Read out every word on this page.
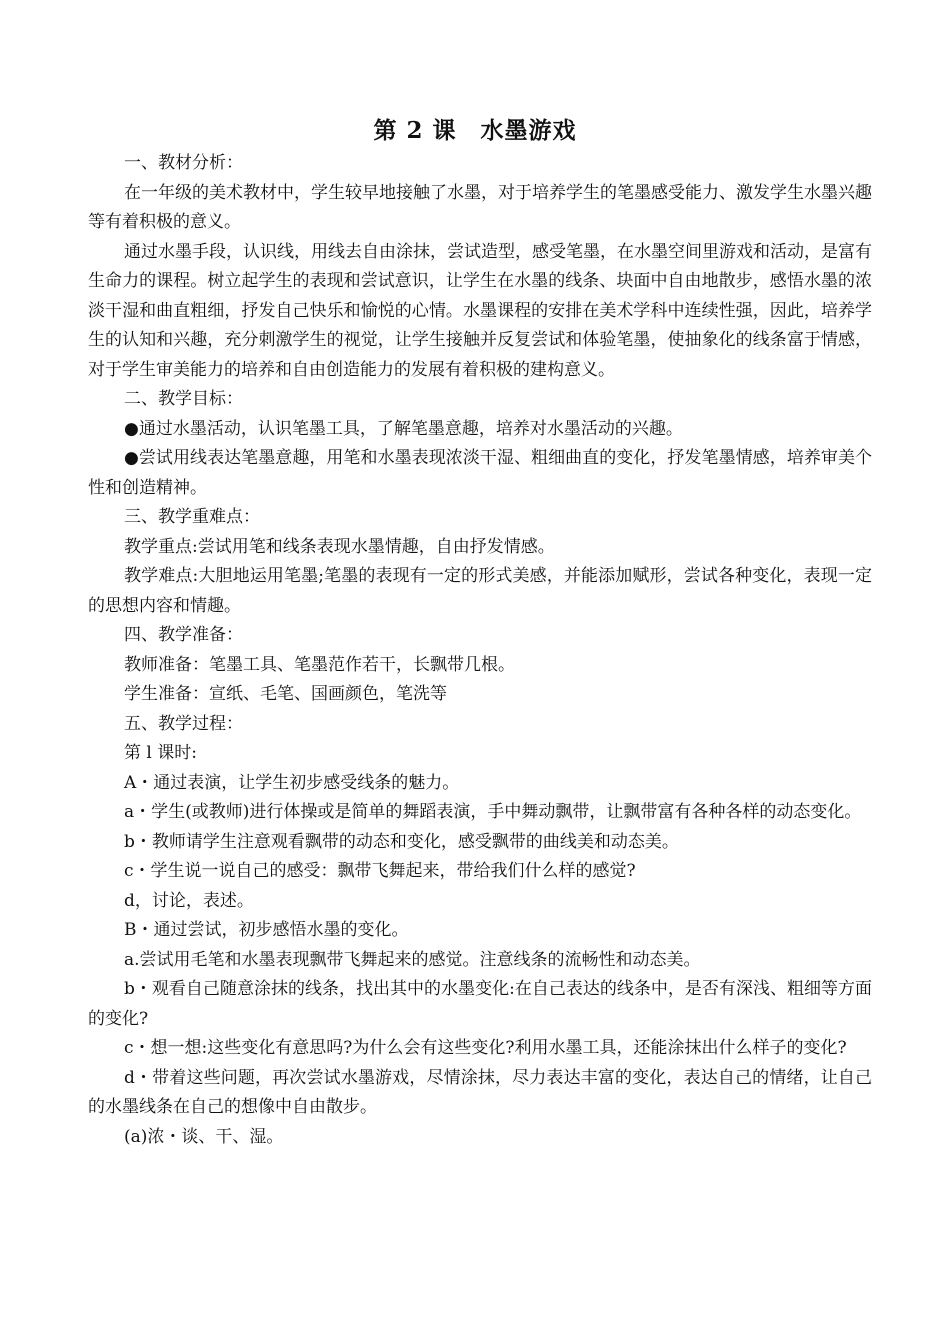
第 2 课　水墨游戏

一、教材分析：

在一年级的美术教材中，学生较早地接触了水墨，对于培养学生的笔墨感受能力、激发学生水墨兴趣等有着积极的意义。

通过水墨手段，认识线，用线去自由涂抹，尝试造型，感受笔墨，在水墨空间里游戏和活动，是富有生命力的课程。树立起学生的表现和尝试意识，让学生在水墨的线条、块面中自由地散步，感悟水墨的浓淡干湿和曲直粗细，抒发自己快乐和愉悦的心情。水墨课程的安排在美术学科中连续性强，因此，培养学生的认知和兴趣，充分刺激学生的视觉，让学生接触并反复尝试和体验笔墨，使抽象化的线条富于情感，对于学生审美能力的培养和自由创造能力的发展有着积极的建构意义。

二、教学目标：

●通过水墨活动，认识笔墨工具，了解笔墨意趣，培养对水墨活动的兴趣。

●尝试用线表达笔墨意趣，用笔和水墨表现浓淡干湿、粗细曲直的变化，抒发笔墨情感，培养审美个性和创造精神。

三、教学重难点：

教学重点:尝试用笔和线条表现水墨情趣，自由抒发情感。

教学难点:大胆地运用笔墨;笔墨的表现有一定的形式美感，并能添加赋形，尝试各种变化，表现一定的思想内容和情趣。

四、教学准备：

教师准备：笔墨工具、笔墨范作若干，长飘带几根。

学生准备：宣纸、毛笔、国画颜色，笔洗等

五、教学过程：

第 l 课时:

A・通过表演，让学生初步感受线条的魅力。

a・学生(或教师)进行体操或是简单的舞蹈表演，手中舞动飘带，让飘带富有各种各样的动态变化。

b・教师请学生注意观看飘带的动态和变化，感受飘带的曲线美和动态美。

c・学生说一说自己的感受：飘带飞舞起来，带给我们什么样的感觉?

d，讨论，表述。

B・通过尝试，初步感悟水墨的变化。

a.尝试用毛笔和水墨表现飘带飞舞起来的感觉。注意线条的流畅性和动态美。

b・观看自己随意涂抹的线条，找出其中的水墨变化:在自己表达的线条中，是否有深浅、粗细等方面的变化?

c・想一想:这些变化有意思吗?为什么会有这些变化?利用水墨工具，还能涂抹出什么样子的变化?

d・带着这些问题，再次尝试水墨游戏，尽情涂抹，尽力表达丰富的变化，表达自己的情绪，让自己的水墨线条在自己的想像中自由散步。

(a)浓・谈、干、湿。
